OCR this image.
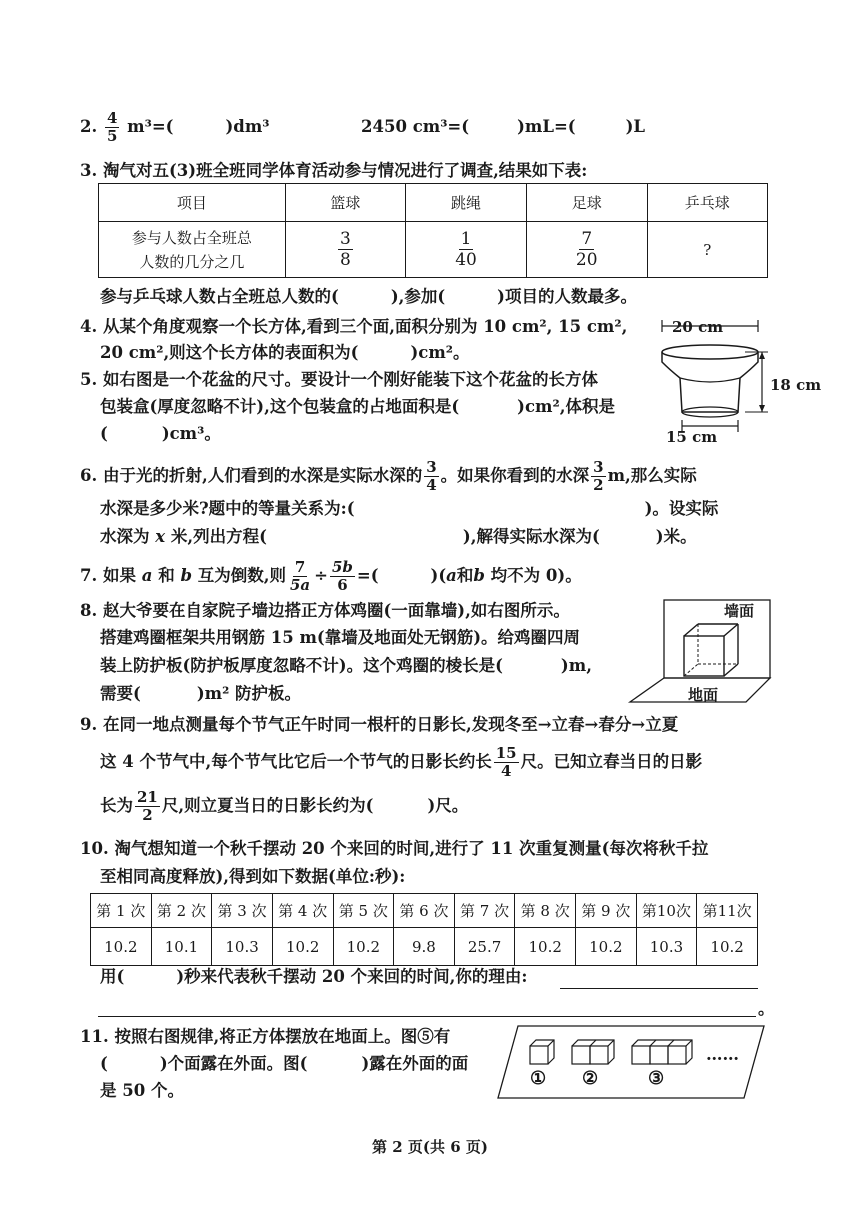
2. $\frac{4}{5} m^3=$(	)dm³	2450 cm³=(	)mL=(	)L
3. 淘气对五(3)班全班同学体育活动参与情况进行了调查,结果如下表:
项目	篮球	跳绳	足球	乒乓球
参与人数占全班总
人数的几分之几	$\frac{3}{8}$	$\frac{1}{40}$	$\frac{7}{20}$	?
参与乒乓球人数占全班总人数的(	),参加(	)项目的人数最多。
4. 从某个角度观察一个长方体,看到三个面,面积分别为 10 cm², 15 cm²,
20 cm²,则这个长方体的表面积为(	)cm²。
5. 如右图是一个花盆的尺寸。要设计一个刚好能装下这个花盆的长方体
包装盒(厚度忽略不计),这个包装盒的占地面积是(	)cm²,体积是
(	)cm³。
20 cm
18 cm
15 cm
6. 由于光的折射,人们看到的水深是实际水深的 $\frac{3}{4}$ 。如果你看到的水深 $\frac{3}{2} m$,那么实际
水深是多少米?题中的等量关系为:(	)。设实际
水深为 x 米,列出方程(	),解得实际水深为(	)米。
7. 如果 a 和 b 互为倒数,则 $\frac{7}{5a} \div \frac{5b}{6}$ =(	)(a和b 均不为 0)。
8. 赵大爷要在自家院子墙边搭正方体鸡圈(一面靠墙),如右图所示。
搭建鸡圈框架共用钢筋 15 m(靠墙及地面处无钢筋)。给鸡圈四周
装上防护板(防护板厚度忽略不计)。这个鸡圈的棱长是(	)m,
需要(	)m² 防护板。
墙面
地面
9. 在同一地点测量每个节气正午时同一根杆的日影长,发现冬至→立春→春分→立夏
这 4 个节气中,每个节气比它后一个节气的日影长约长 $\frac{15}{4}$ 尺。已知立春当日的日影
长为 $\frac{21}{2}$ 尺,则立夏当日的日影长约为(	)尺。
10. 淘气想知道一个秋千摆动 20 个来回的时间,进行了 11 次重复测量(每次将秋千拉
至相同高度释放),得到如下数据(单位:秒):
第 1 次	第 2 次	第 3 次	第 4 次	第 5 次	第 6 次	第 7 次	第 8 次	第 9 次	第10次	第11次
10.2	10.1	10.3	10.2	10.2	9.8	25.7	10.2	10.2	10.3	10.2
用(	)秒来代表秋千摆动 20 个来回的时间,你的理由:
。
11. 按照右图规律,将正方体摆放在地面上。图⑤有
(	)个面露在外面。图(	)露在外面的面
是 50 个。
① ②	③
……
第 2 页(共 6 页)
